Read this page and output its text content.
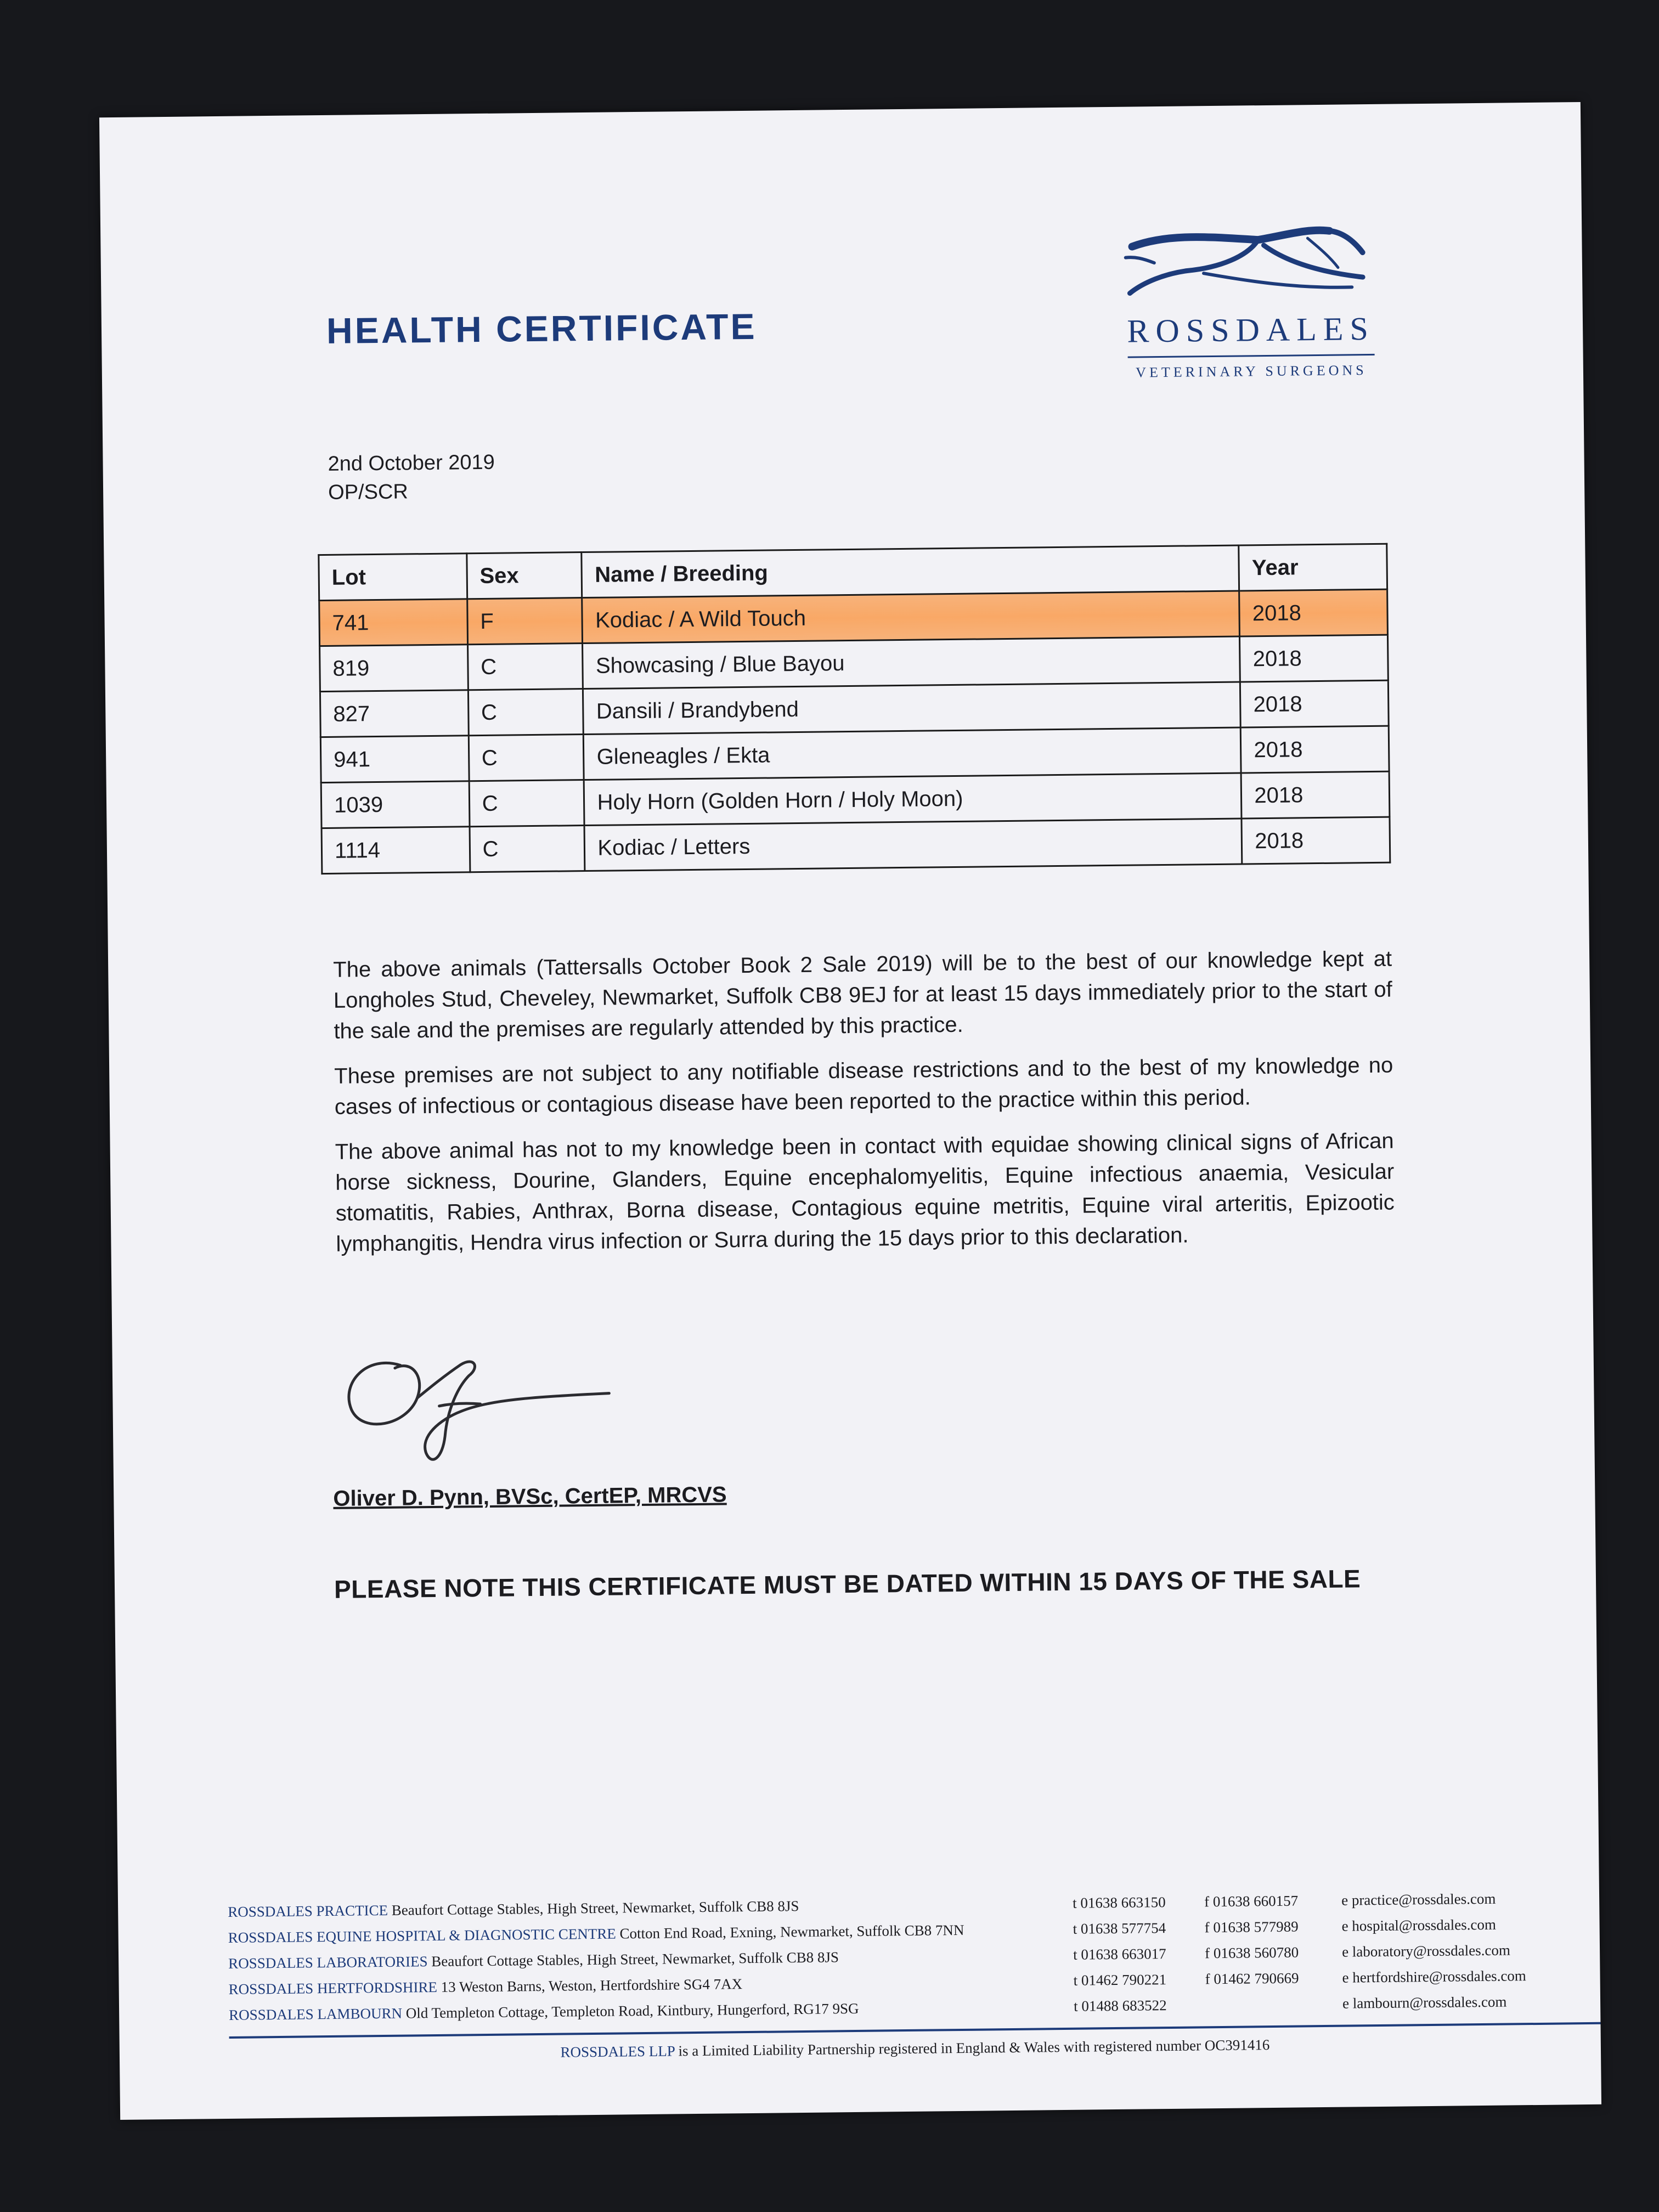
HEALTH CERTIFICATE	ROSSDALES
VETERINARY SURGEONS
2nd October 2019
OP/SCR
Lot	Sex	Name / Breeding	Year
741	F	Kodiac / A Wild Touch	2018
819	C	Showcasing / Blue Bayou	2018
827	C	Dansili / Brandybend	2018
941	C	Gleneagles / Ekta	2018
1039	C	Holy Horn (Golden Horn / Holy Moon)	2018
1114	C	Kodiac / Letters	2018

The above animals (Tattersalls October Book 2 Sale 2019) will be to the best of our knowledge kept at Longholes Stud, Cheveley, Newmarket, Suffolk CB8 9EJ for at least 15 days immediately prior to the start of the sale and the premises are regularly attended by this practice.

These premises are not subject to any notifiable disease restrictions and to the best of my knowledge no cases of infectious or contagious disease have been reported to the practice within this period.

The above animal has not to my knowledge been in contact with equidae showing clinical signs of African horse sickness, Dourine, Glanders, Equine encephalomyelitis, Equine infectious anaemia, Vesicular stomatitis, Rabies, Anthrax, Borna disease, Contagious equine metritis, Equine viral arteritis, Epizootic lymphangitis, Hendra virus infection or Surra during the 15 days prior to this declaration.

Oliver D. Pynn, BVSc, CertEP, MRCVS
PLEASE NOTE THIS CERTIFICATE MUST BE DATED WITHIN 15 DAYS OF THE SALE
ROSSDALES PRACTICE Beaufort Cottage Stables, High Street, Newmarket, Suffolk CB8 8JS
ROSSDALES EQUINE HOSPITAL & DIAGNOSTIC CENTRE Cotton End Road, Exning, Newmarket, Suffolk CB8 7NN
ROSSDALES LABORATORIES Beaufort Cottage Stables, High Street, Newmarket, Suffolk CB8 8JS
ROSSDALES HERTFORDSHIRE 13 Weston Barns, Weston, Hertfordshire SG4 7AX
ROSSDALES LAMBOURN Old Templeton Cottage, Templeton Road, Kintbury, Hungerford, RG17 9SG
t 01638 663150	f 01638 660157	e practice@rossdales.com
t 01638 577754	f 01638 577989	e hospital@rossdales.com
t 01638 663017	f 01638 560780	e laboratory@rossdales.com
t 01462 790221	f 01462 790669	e hertfordshire@rossdales.com
t 01488 683522	e lambourn@rossdales.com
ROSSDALES LLP is a Limited Liability Partnership registered in England & Wales with registered number OC391416
